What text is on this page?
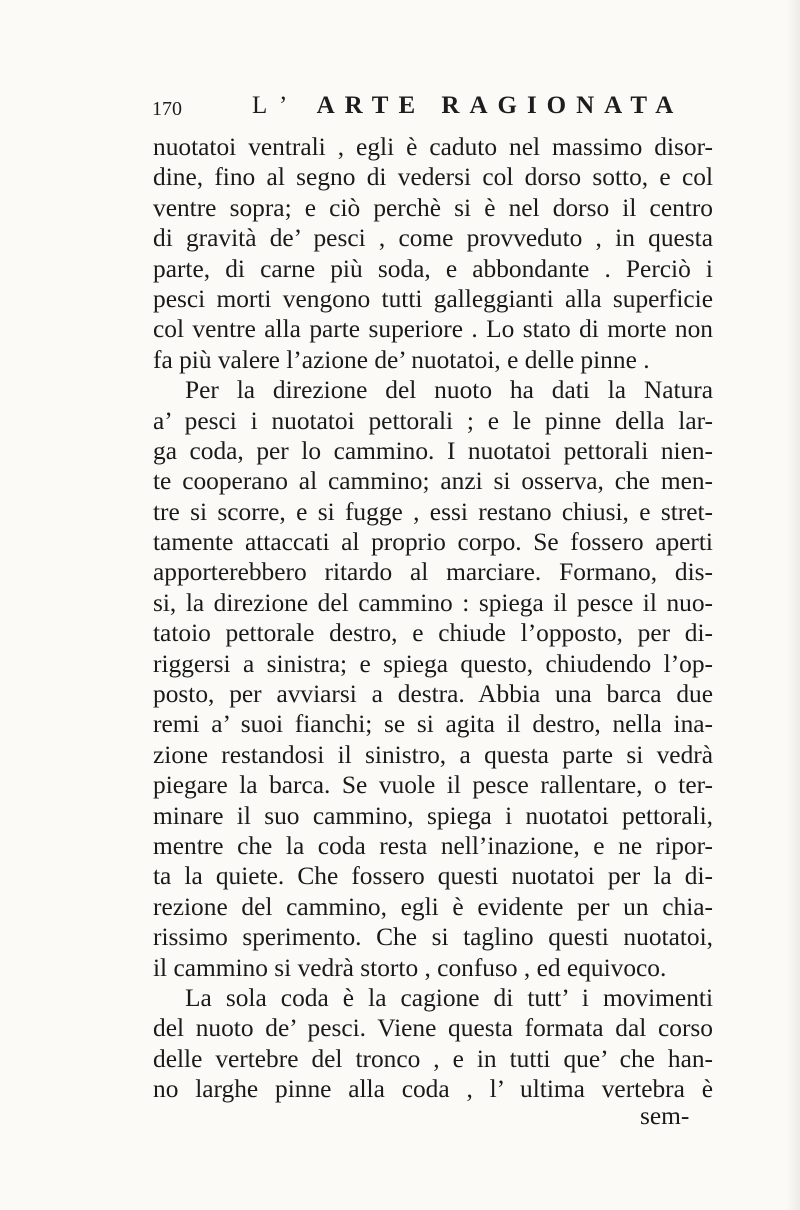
170	L’ ARTE RAGIONATA
nuotatoi ventrali , egli è caduto nel massimo disor-
dine, fino al segno di vedersi col dorso sotto, e col
ventre sopra; e ciò perchè si è nel dorso il centro
di gravità de’ pesci , come provveduto , in questa
parte, di carne più soda, e abbondante . Perciò i
pesci morti vengono tutti galleggianti alla superficie
col ventre alla parte superiore . Lo stato di morte non
fa più valere l’azione de’ nuotatoi, e delle pinne .
Per la direzione del nuoto ha dati la Natura
a’ pesci i nuotatoi pettorali ; e le pinne della lar-
ga coda, per lo cammino. I nuotatoi pettorali nien-
te cooperano al cammino; anzi si osserva, che men-
tre si scorre, e si fugge , essi restano chiusi, e stret-
tamente attaccati al proprio corpo. Se fossero aperti
apporterebbero ritardo al marciare. Formano, dis-
si, la direzione del cammino : spiega il pesce il nuo-
tatoio pettorale destro, e chiude l’opposto, per di-
riggersi a sinistra; e spiega questo, chiudendo l’op-
posto, per avviarsi a destra. Abbia una barca due
remi a’ suoi fianchi; se si agita il destro, nella ina-
zione restandosi il sinistro, a questa parte si vedrà
piegare la barca. Se vuole il pesce rallentare, o ter-
minare il suo cammino, spiega i nuotatoi pettorali,
mentre che la coda resta nell’inazione, e ne ripor-
ta la quiete. Che fossero questi nuotatoi per la di-
rezione del cammino, egli è evidente per un chia-
rissimo sperimento. Che si taglino questi nuotatoi,
il cammino si vedrà storto , confuso , ed equivoco.
La sola coda è la cagione di tutt’ i movimenti
del nuoto de’ pesci. Viene questa formata dal corso
delle vertebre del tronco , e in tutti que’ che han-
no larghe pinne alla coda , l’ ultima vertebra è
sem-
